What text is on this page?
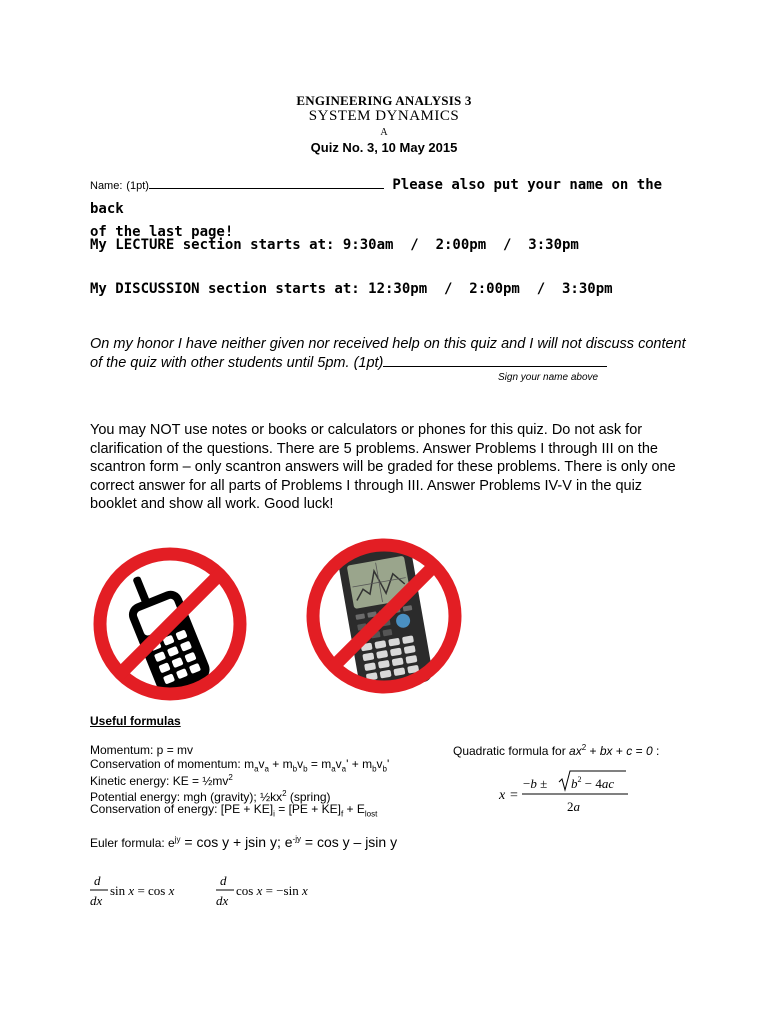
ENGINEERING ANALYSIS 3
SYSTEM DYNAMICS
A
Quiz No. 3, 10 May 2015
Name: (1pt)	Please also put your name on the back
of the last page!
My LECTURE section starts at: 9:30am  /  2:00pm  /  3:30pm
My DISCUSSION section starts at: 12:30pm  /  2:00pm  /  3:30pm
On my honor I have neither given nor received help on this quiz and I will not discuss content of the quiz with other students until 5pm. (1pt)
Sign your name above
You may NOT use notes or books or calculators or phones for this quiz. Do not ask for clarification of the questions. There are 5 problems. Answer Problems I through III on the scantron form – only scantron answers will be graded for these problems. There is only one correct answer for all parts of Problems I through III. Answer Problems IV-V in the quiz booklet and show all work. Good luck!
Useful formulas
Momentum: p = mv
Conservation of momentum: $m_av_a + m_bv_b = m_av_a' + m_bv_b'$
Kinetic energy: KE = $\frac{1}{2}mv^2$
Potential energy: mgh (gravity); $\frac{1}{2}kx^2$ (spring)
Conservation of energy: $[PE + KE]_i = [PE + KE]_f + E_{lost}$
Quadratic formula for $ax^2$ + bx + c = 0 :
x =
$-b \pm b^2 - 4ac$
2a
Euler formula: $e^{jy} = \cos y + jsin$ y; $e^{-jy} = \cos y - jsin$ y
d
dx
sin x = cos x
d
dx
cos x = −sin x
